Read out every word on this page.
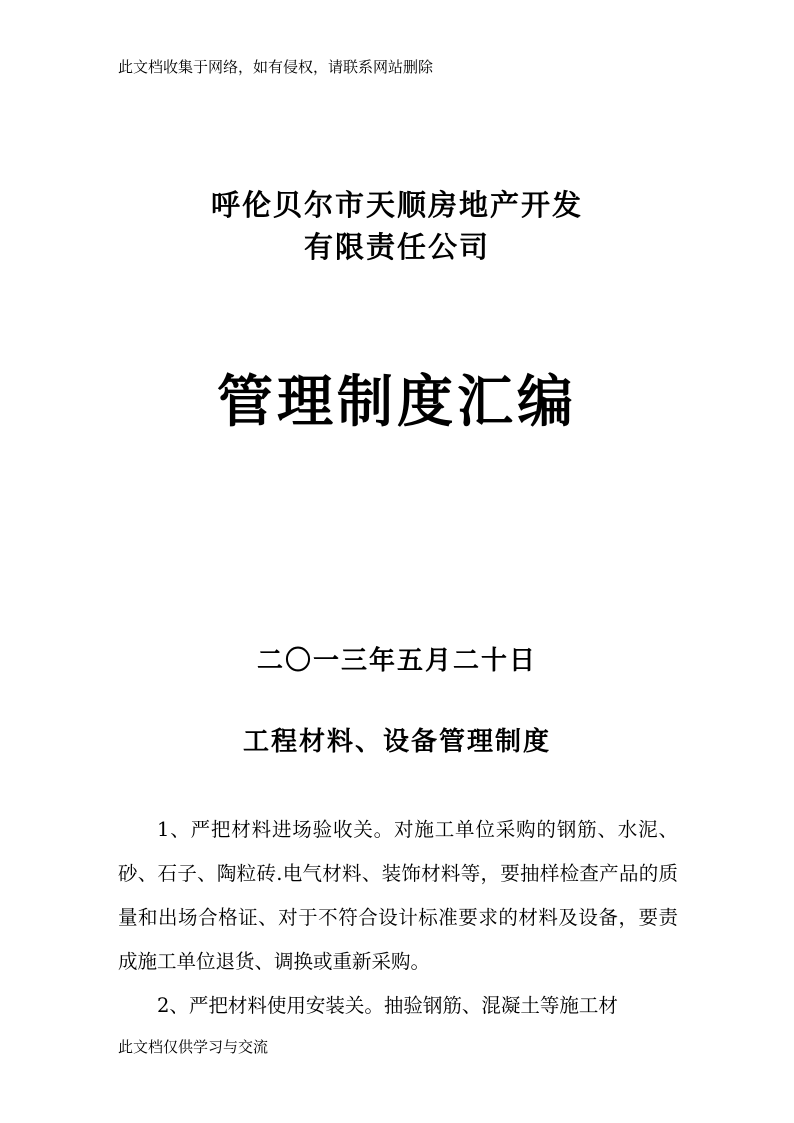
此文档收集于网络，如有侵权，请联系网站删除
呼伦贝尔市天顺房地产开发
有限责任公司
管理制度汇编
二〇一三年五月二十日
工程材料、设备管理制度

1、严把材料进场验收关。对施工单位采购的钢筋、水泥、砂、石子、陶粒砖.电气材料、装饰材料等，要抽样检查产品的质量和出场合格证、对于不符合设计标准要求的材料及设备，要责成施工单位退货、调换或重新采购。

2、严把材料使用安装关。抽验钢筋、混凝土等施工材

此文档仅供学习与交流
